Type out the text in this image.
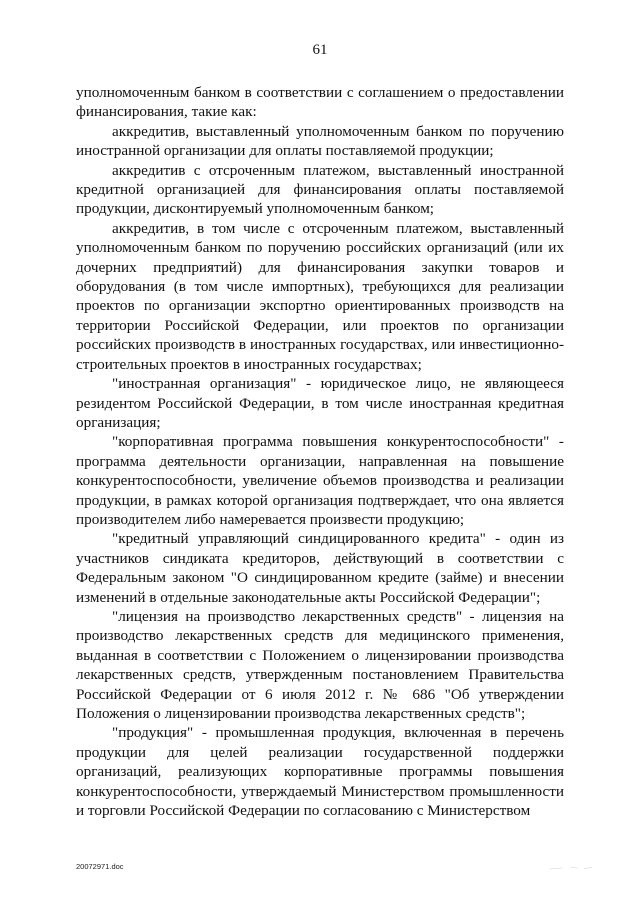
61

уполномоченным банком в соответствии с соглашением о предоставлении финансирования, такие как:

аккредитив, выставленный уполномоченным банком по поручению иностранной организации для оплаты поставляемой продукции;

аккредитив с отсроченным платежом, выставленный иностранной кредитной организацией для финансирования оплаты поставляемой продукции, дисконтируемый уполномоченным банком;

аккредитив, в том числе с отсроченным платежом, выставленный уполномоченным банком по поручению российских организаций (или их дочерних предприятий) для финансирования закупки товаров и оборудования (в том числе импортных), требующихся для реализации проектов по организации экспортно ориентированных производств на территории Российской Федерации, или проектов по организации российских производств в иностранных государствах, или инвестиционно-строительных проектов в иностранных государствах;

"иностранная организация" - юридическое лицо, не являющееся резидентом Российской Федерации, в том числе иностранная кредитная организация;

"корпоративная программа повышения конкурентоспособности" - программа деятельности организации, направленная на повышение конкурентоспособности, увеличение объемов производства и реализации продукции, в рамках которой организация подтверждает, что она является производителем либо намеревается произвести продукцию;

"кредитный управляющий синдицированного кредита" - один из участников синдиката кредиторов, действующий в соответствии с Федеральным законом "О синдицированном кредите (займе) и внесении изменений в отдельные законодательные акты Российской Федерации";

"лицензия на производство лекарственных средств" - лицензия на производство лекарственных средств для медицинского применения, выданная в соответствии с Положением о лицензировании производства лекарственных средств, утвержденным постановлением Правительства Российской Федерации от 6 июля 2012 г. № 686 "Об утверждении Положения о лицензировании производства лекарственных средств";

"продукция" - промышленная продукция, включенная в перечень продукции для целей реализации государственной поддержки организаций, реализующих корпоративные программы повышения конкурентоспособности, утверждаемый Министерством промышленности и торговли Российской Федерации по согласованию с Министерством

20072971.doc
